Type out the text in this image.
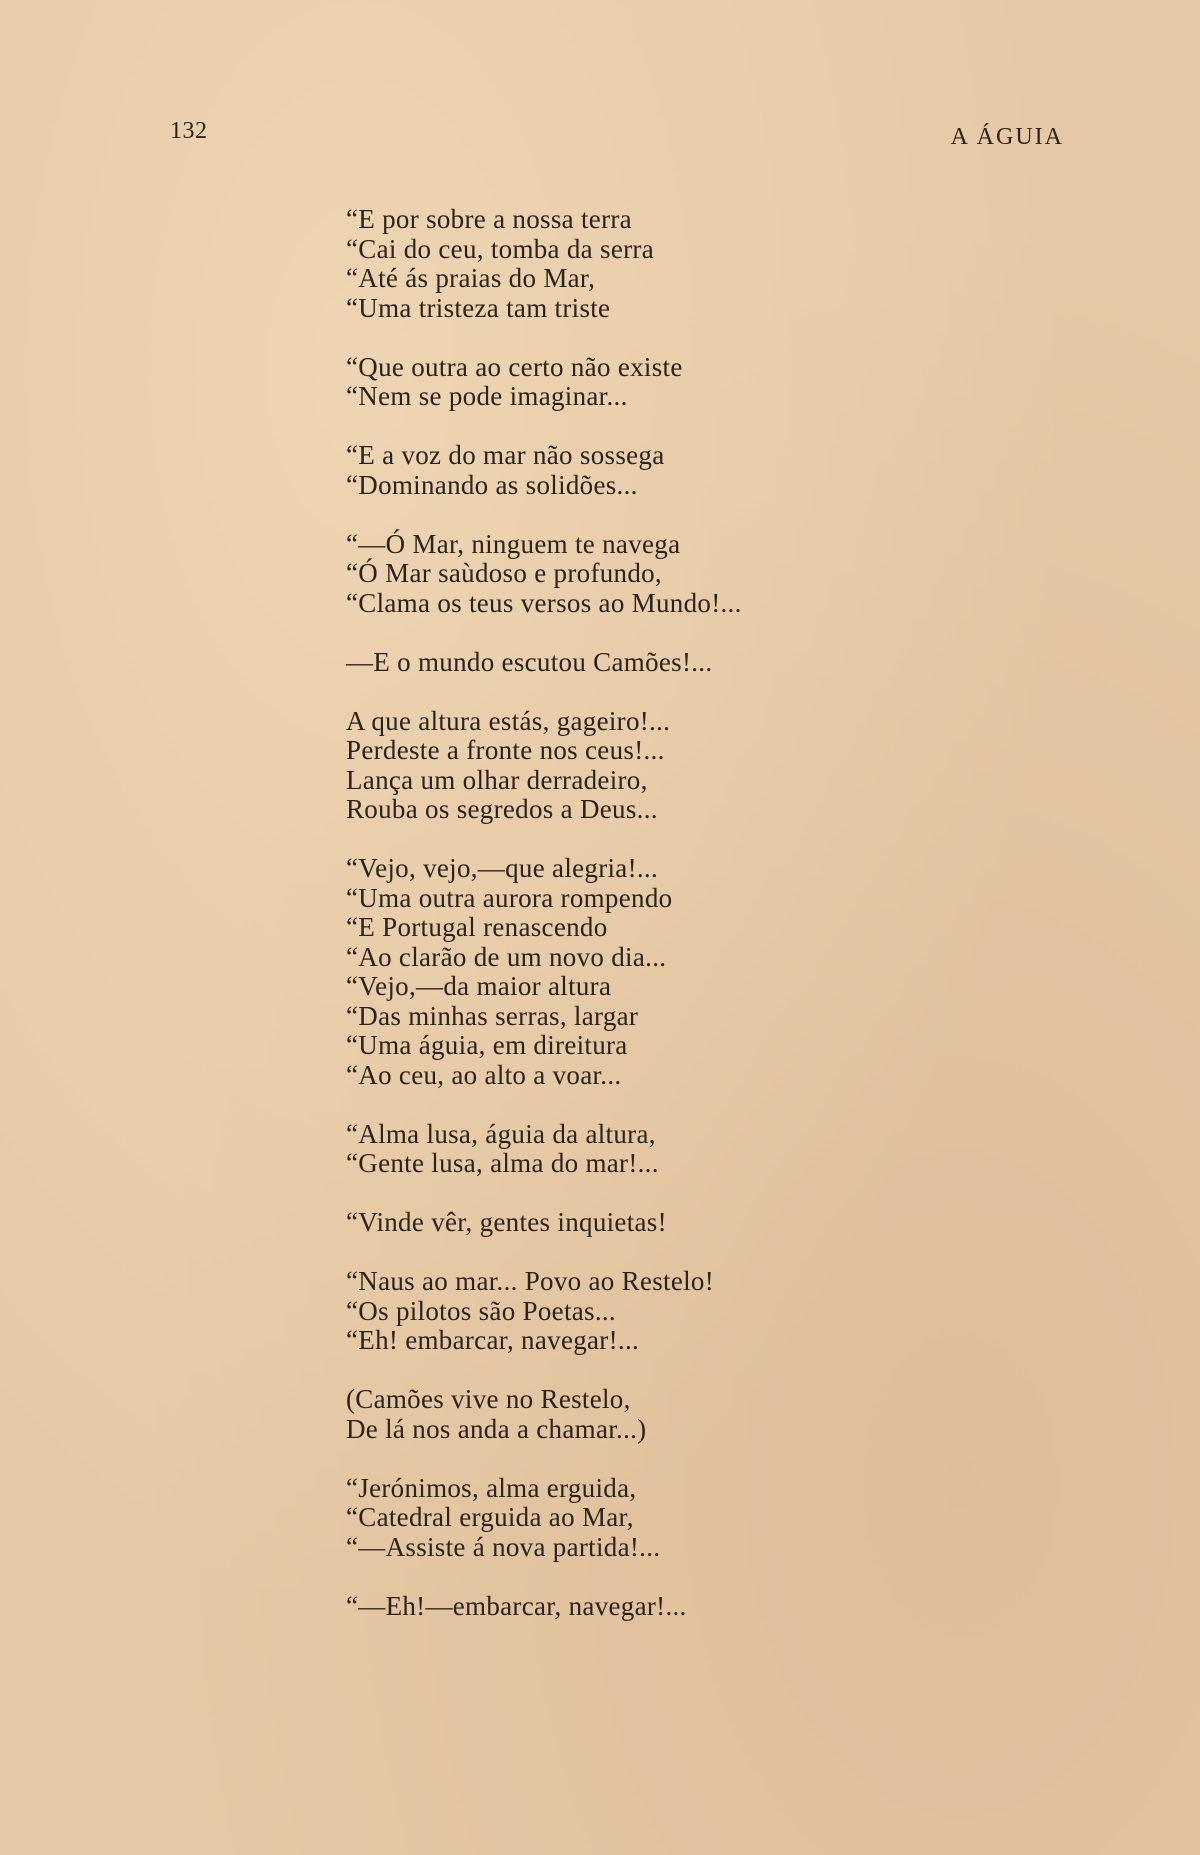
132	A ÁGUIA
“E por sobre a nossa terra
“Cai do ceu, tomba da serra
“Até ás praias do Mar,
“Uma tristeza tam triste
“Que outra ao certo não existe
“Nem se pode imaginar...
“E a voz do mar não sossega
“Dominando as solidões...
“—Ó Mar, ninguem te navega
“Ó Mar saùdoso e profundo,
“Clama os teus versos ao Mundo!...
—E o mundo escutou Camões!...
A que altura estás, gageiro!...
Perdeste a fronte nos ceus!...
Lança um olhar derradeiro,
Rouba os segredos a Deus...
“Vejo, vejo,—que alegria!...
“Uma outra aurora rompendo
“E Portugal renascendo
“Ao clarão de um novo dia...
“Vejo,—da maior altura
“Das minhas serras, largar
“Uma águia, em direitura
“Ao ceu, ao alto a voar...
“Alma lusa, águia da altura,
“Gente lusa, alma do mar!...
“Vinde vêr, gentes inquietas!
“Naus ao mar... Povo ao Restelo!
“Os pilotos são Poetas...
“Eh! embarcar, navegar!...
(Camões vive no Restelo,
De lá nos anda a chamar...)
“Jerónimos, alma erguida,
“Catedral erguida ao Mar,
“—Assiste á nova partida!...
“—Eh!—embarcar, navegar!...
